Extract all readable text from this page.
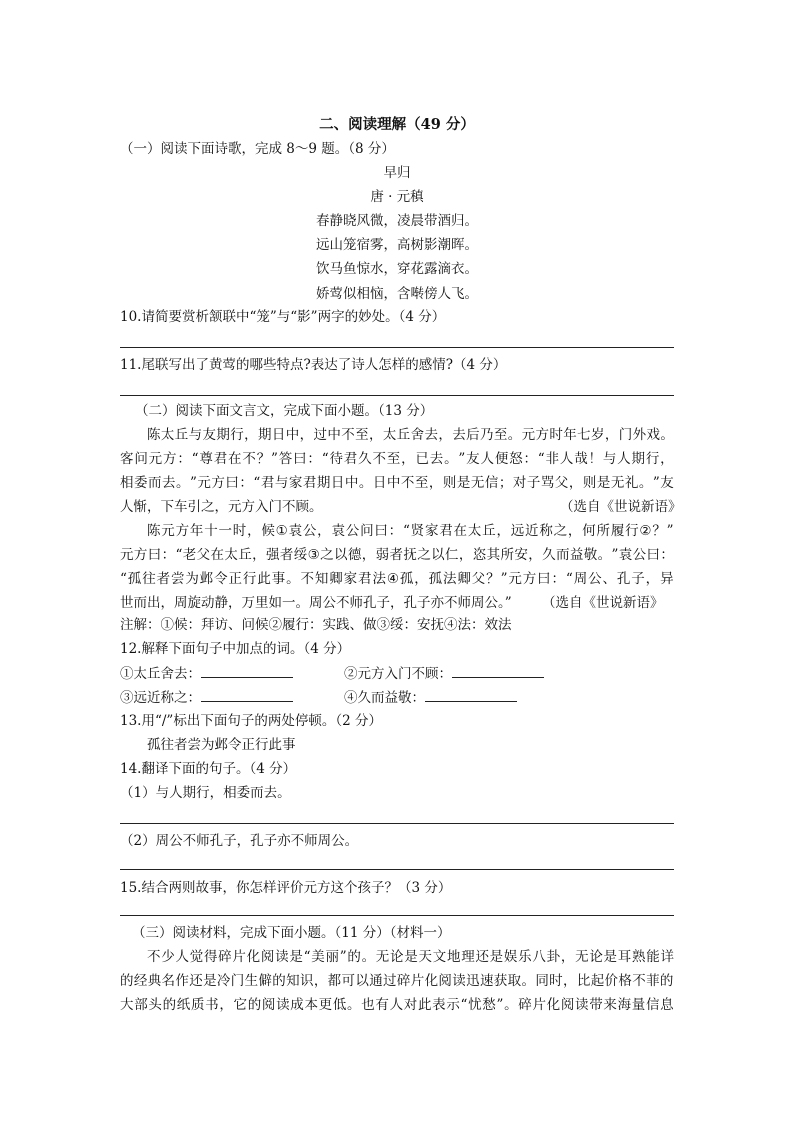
二、阅读理解（49 分）
（一）阅读下面诗歌，完成 8～9 题。（8 分）
早归
唐 · 元稹
春静晓风微，凌晨带酒归。
远山笼宿雾，高树影潮晖。
饮马鱼惊水，穿花露滴衣。
娇莺似相恼，含啭傍人飞。
10.请简要赏析颔联中“笼”与“影”两字的妙处。（4 分）
11.尾联写出了黄莺的哪些特点?表达了诗人怎样的感情?（4 分）
（二）阅读下面文言文，完成下面小题。（13 分）
陈 太 丘 与 友 期 行 ， 期 日 中 ， 过 中 不 至 ， 太 丘 舍 去 ， 去 后 乃 至 。 元 方 时 年 七 岁 ， 门 外 戏 。
客 问 元 方 ： “ 尊 君 在 不 ？ ” 答 曰 ： “ 待 君 久 不 至 ， 已 去 。 ” 友 人 便 怒 ： “ 非 人 哉 ！ 与 人 期 行 ，
相 委 而 去 。 ” 元 方 曰 ： “ 君 与 家 君 期 日 中 。 日 中 不 至 ， 则 是 无 信 ； 对 子 骂 父 ， 则 是 无 礼 。 ” 友
人惭，下车引之，元方入门不顾。	（选自《世说新语》
陈 元 方 年 十 一 时 ， 候 ① 袁 公 ， 袁 公 问 曰 ： “ 贤 家 君 在 太 丘 ， 远 近 称 之 ， 何 所 履 行 ② ？ ”
元 方 曰 ： “ 老 父 在 太 丘 ， 强 者 绥 ③ 之 以 德 ， 弱 者 抚 之 以 仁 ， 恣 其 所 安 ， 久 而 益 敬 。 ” 袁 公 曰 ：
“ 孤 往 者 尝 为 邺 令 正 行 此 事 。 不 知 卿 家 君 法 ④ 孤 ， 孤 法 卿 父 ？ ” 元 方 曰 ： “ 周 公 、 孔 子 ， 异
世而出，周旋动静，万里如一。周公不师孔子，孔子亦不师周公。” （选自《世说新语》
注解：①候：拜访、问候②履行：实践、做③绥：安抚④法：效法
12.解释下面句子中加点的词。（4 分）
①太丘舍去：	②元方入门不顾：
③远近称之：	④久而益敬：
13.用“/”标出下面句子的两处停顿。（2 分）
孤往者尝为邺令正行此事
14.翻译下面的句子。（4 分）
（1）与人期行，相委而去。
（2）周公不师孔子，孔子亦不师周公。
15.结合两则故事，你怎样评价元方这个孩子？（3 分）
（三）阅读材料，完成下面小题。（11 分）（材料一）
不 少 人 觉 得 碎 片 化 阅 读 是 “ 美 丽 ” 的 。 无 论 是 天 文 地 理 还 是 娱 乐 八 卦 ， 无 论 是 耳 熟 能 详
的 经 典 名 作 还 是 冷 门 生 僻 的 知 识 ， 都 可 以 通 过 碎 片 化 阅 读 迅 速 获 取 。 同 时 ， 比 起 价 格 不 菲 的
大 部 头 的 纸 质 书 ， 它 的 阅 读 成 本 更 低 。 也 有 人 对 此 表 示 “ 忧 愁 ” 。 碎 片 化 阅 读 带 来 海 量 信 息
